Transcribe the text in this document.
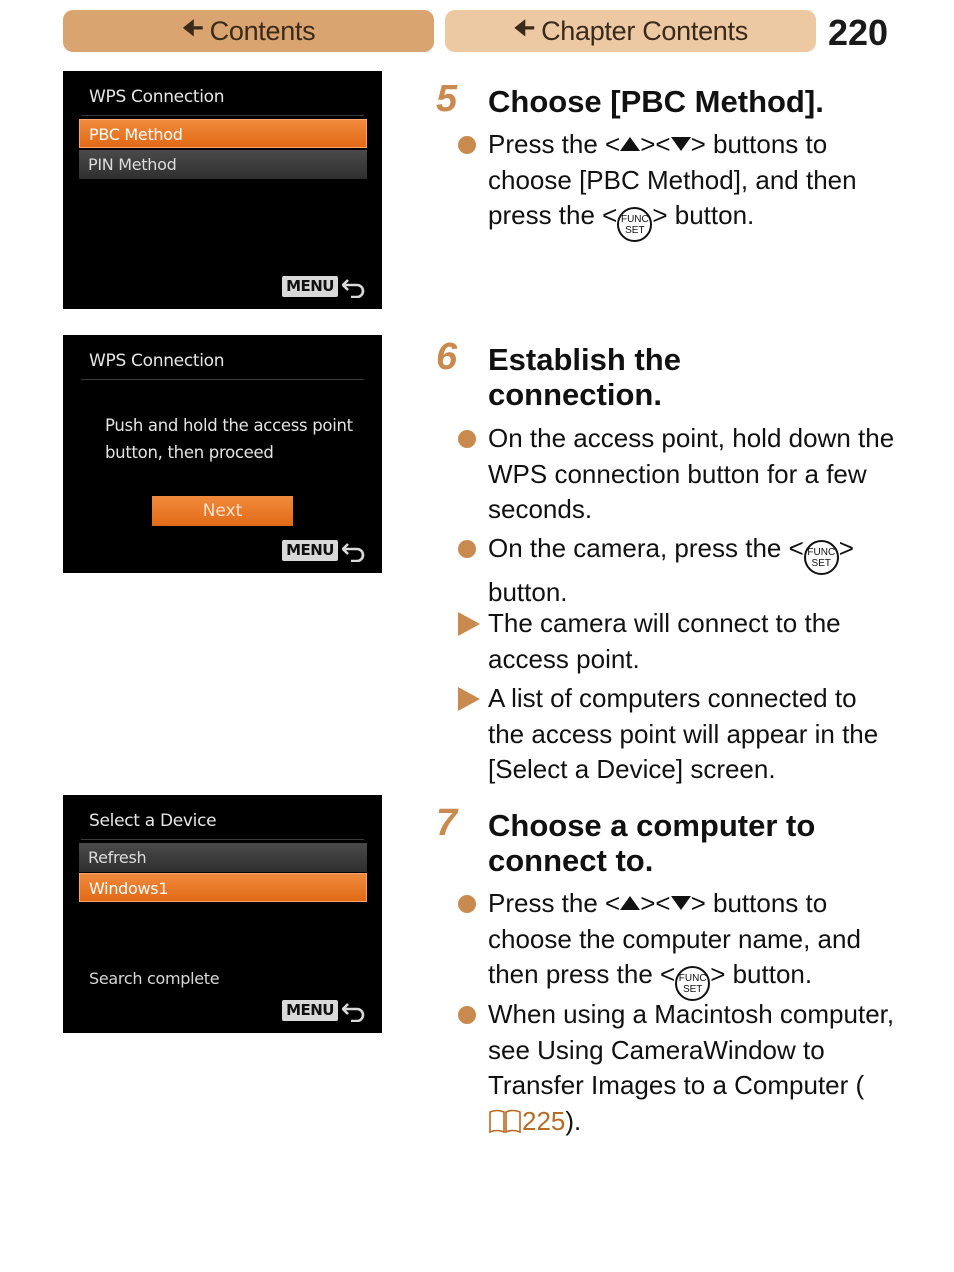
🠈 Contents	🠈 Chapter Contents 220
WPS Connection
PBC Method
PIN Method
MENU
WPS Connection
Push and hold the access point
button, then proceed
Next
MENU
Select a Device
Refresh
Windows1
Search complete
MENU
5 Choose [PBC Method].
Press the < >< > buttons to choose [PBC Method], and then press the < FUNC
SET> button.
6 Establish the
connection.
On the access point, hold down the WPS connection button for a few seconds.
On the camera, press the < FUNC
SET> button.
The camera will connect to the access point.
A list of computers connected to the access point will appear in the [Select a Device] screen.
7 Choose a computer to
connect to.
Press the < >< > buttons to choose the computer name, and then press the < FUNC
SET> button.
When using a Macintosh computer, see Using CameraWindow to Transfer Images to a Computer (225).
